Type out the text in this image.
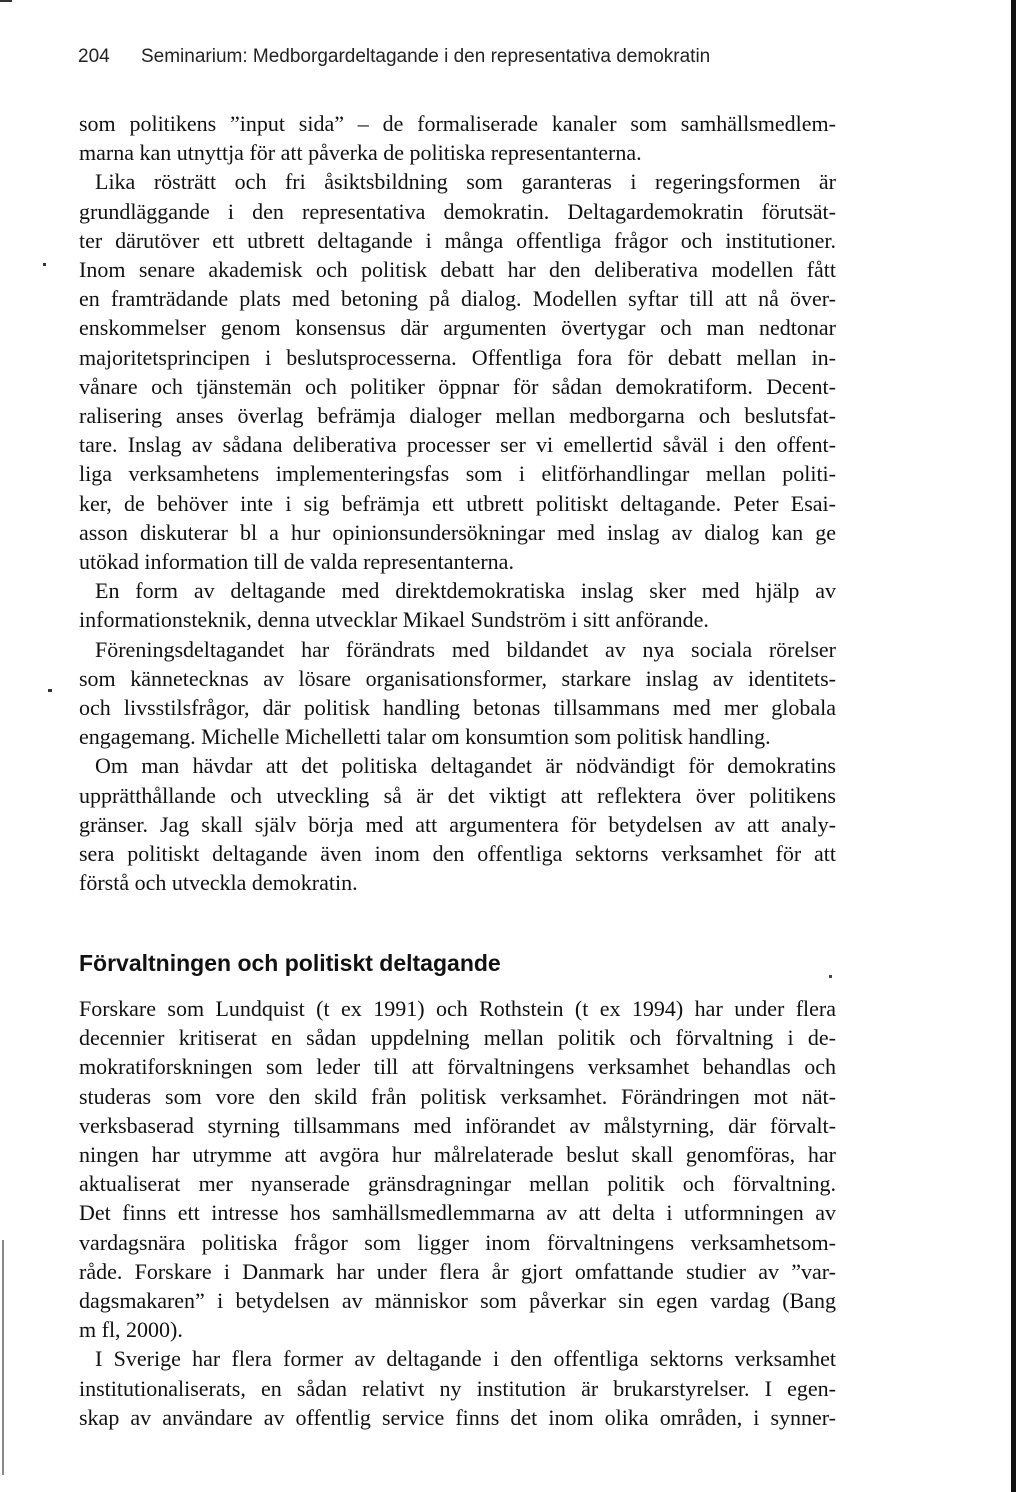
204 Seminarium: Medborgardeltagande i den representativa demokratin
som politikens ”input sida” – de formaliserade kanaler som samhällsmedlem-
marna kan utnyttja för att påverka de politiska representanterna.
Lika rösträtt och fri åsiktsbildning som garanteras i regeringsformen är
grundläggande i den representativa demokratin. Deltagardemokratin förutsät-
ter därutöver ett utbrett deltagande i många offentliga frågor och institutioner.
Inom senare akademisk och politisk debatt har den deliberativa modellen fått
en framträdande plats med betoning på dialog. Modellen syftar till att nå över-
enskommelser genom konsensus där argumenten övertygar och man nedtonar
majoritetsprincipen i beslutsprocesserna. Offentliga fora för debatt mellan in-
vånare och tjänstemän och politiker öppnar för sådan demokratiform. Decent-
ralisering anses överlag befrämja dialoger mellan medborgarna och beslutsfat-
tare. Inslag av sådana deliberativa processer ser vi emellertid såväl i den offent-
liga verksamhetens implementeringsfas som i elitförhandlingar mellan politi-
ker, de behöver inte i sig befrämja ett utbrett politiskt deltagande. Peter Esai-
asson diskuterar bl a hur opinionsundersökningar med inslag av dialog kan ge
utökad information till de valda representanterna.
En form av deltagande med direktdemokratiska inslag sker med hjälp av
informationsteknik, denna utvecklar Mikael Sundström i sitt anförande.
Föreningsdeltagandet har förändrats med bildandet av nya sociala rörelser
som kännetecknas av lösare organisationsformer, starkare inslag av identitets-
och livsstilsfrågor, där politisk handling betonas tillsammans med mer globala
engagemang. Michelle Michelletti talar om konsumtion som politisk handling.
Om man hävdar att det politiska deltagandet är nödvändigt för demokratins
upprätthållande och utveckling så är det viktigt att reflektera över politikens
gränser. Jag skall själv börja med att argumentera för betydelsen av att analy-
sera politiskt deltagande även inom den offentliga sektorns verksamhet för att
förstå och utveckla demokratin.
Förvaltningen och politiskt deltagande
Forskare som Lundquist (t ex 1991) och Rothstein (t ex 1994) har under flera
decennier kritiserat en sådan uppdelning mellan politik och förvaltning i de-
mokratiforskningen som leder till att förvaltningens verksamhet behandlas och
studeras som vore den skild från politisk verksamhet. Förändringen mot nät-
verksbaserad styrning tillsammans med införandet av målstyrning, där förvalt-
ningen har utrymme att avgöra hur målrelaterade beslut skall genomföras, har
aktualiserat mer nyanserade gränsdragningar mellan politik och förvaltning.
Det finns ett intresse hos samhällsmedlemmarna av att delta i utformningen av
vardagsnära politiska frågor som ligger inom förvaltningens verksamhetsom-
råde. Forskare i Danmark har under flera år gjort omfattande studier av ”var-
dagsmakaren” i betydelsen av människor som påverkar sin egen vardag (Bang
m fl, 2000).
I Sverige har flera former av deltagande i den offentliga sektorns verksamhet
institutionaliserats, en sådan relativt ny institution är brukarstyrelser. I egen-
skap av användare av offentlig service finns det inom olika områden, i synner-
